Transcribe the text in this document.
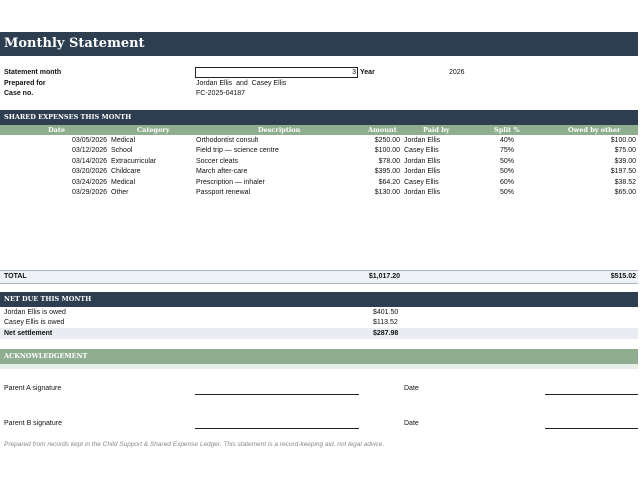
Monthly Statement
Statement month	3 Year	2026
Prepared for	Jordan Ellis  and  Casey Ellis
Case no.	FC-2025-04187
SHARED EXPENSES THIS MONTH
Date	Category	Description	Amount	Paid by	Split %	Owed by other
03/05/2026 Medical	Orthodontist consult	$250.00 Jordan Ellis	40%	$100.00
03/12/2026 School	Field trip — science centre	$100.00 Casey Ellis	75%	$75.00
03/14/2026 Extracurricular	Soccer cleats	$78.00 Jordan Ellis	50%	$39.00
03/20/2026 Childcare	March after-care	$395.00 Jordan Ellis	50%	$197.50
03/24/2026 Medical	Prescription — inhaler	$64.20 Casey Ellis	60%	$38.52
03/29/2026 Other	Passport renewal	$130.00 Jordan Ellis	50%	$65.00
TOTAL	$1,017.20	$515.02
NET DUE THIS MONTH
Jordan Ellis is owed	$401.50
Casey Ellis is owed	$113.52
Net settlement	$287.98
ACKNOWLEDGEMENT
Parent A signature	Date
Parent B signature	Date
Prepared from records kept in the Child Support & Shared Expense Ledger. This statement is a record-keeping aid, not legal advice.
